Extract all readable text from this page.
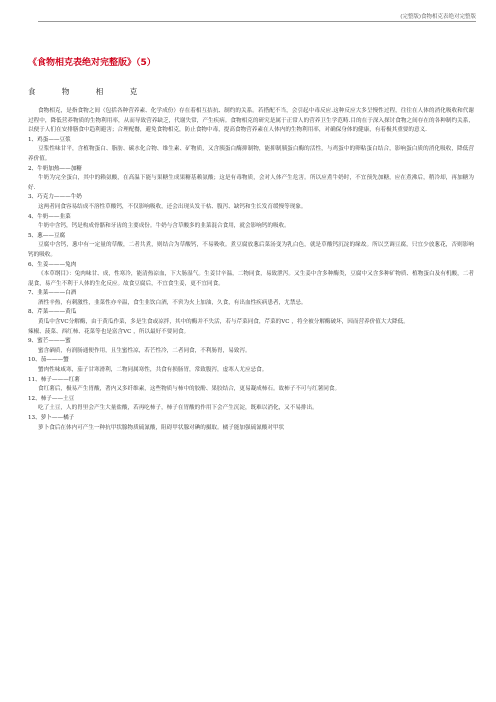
(完整版)食物相克表绝对完整版
《食物相克表绝对完整版》（5）
食 物 相 克

食物相克，是指食物之间（包括各种营养素、化学成份）存在着相互拮抗、制约的关系。若搭配不当，会引起中毒反应.这种反应大多呈慢性过程，往往在人体的消化吸收和代谢过程中，降低营养物质的生物利用率，从而导致营养缺乏，代谢失常，产生疾病。食物相克的研究是属于正常人的营养卫生学范畴.目的在于深入探讨食物之间存在的各种制约关系，以便于人们在安排膳食中趋利避害；合理配餐，避免食物相克，防止食物中毒，提高食物营养素在人体内的生物利用率，对确保身体的健康，有着极其重要的意义.

1、鸡蛋——豆浆

豆浆性味甘平，含植物蛋白、脂肪、碳水化合物、维生素、矿物质，又含胰蛋白酶抑制物，能抑制胰蛋白酶的活性，与鸡蛋中的卵粘蛋白结合，影响蛋白质的消化吸收，降低营养价值。

2、牛奶加热——加糖

牛奶为完全蛋白，其中的赖氨酸，在高温下能与果糖生成果糖基赖氨酸；这是有毒物质，会对人体产生危害。所以应煮牛奶时，不宜预先加糖，应在煮沸后，稍冷却，再加糖为好.

3、巧克力———牛奶

这两者同食容易结成不溶性草酸钙，不仅影响吸收，还会出现头发干枯、腹泻、缺钙和生长发育缓慢等现象。

4、牛奶——韭菜

牛奶中含钙，钙是构成骨骼和牙齿的主要成份。牛奶与含草酸多的韭菜混合食用，就会影响钙的吸收。

5、葱——豆腐

豆腐中含钙，葱中有一定量的草酸，二者共煮，则结合为草酸钙，不易吸收。煮豆腐放葱后菜汤变为乳白色，就是草酸钙沉淀的缘故。所以烹调豆腐，只宜少放葱花，否则影响钙的吸收。

6、生姜———兔肉

《本草纲目》：兔肉味甘、成，性寒冷，能清热凉血，下大肠湿气。生姜甘辛温，二物同食，易致泄泻。又生姜中含多种酶类，豆腐中又含多种矿物质、植物蛋白及有机酸，二者混食，易产生不利于人体的生化反应。故食豆腐后，不宜食生姜，更不宜同食。

7、韭菜———白酒

酒性辛热，有刺激性，韭菜性亦辛温，食生韭饮白酒，不啻为火上加油，久食，有出血性疾病患者，尤禁忌。

8、芹菜———黄瓜

黄瓜中含VC分解酶，由于黄瓜作菜，多是生食或凉拌，其中的酶并不失活，若与芹菜同食，芹菜的VC ，将全被分解酶破坏，因而营养价值大大降低。
辣椒、菠菜、西红柿、花菜等也是富含VC ，所以最好不要同食。

9、蜜芒———蜜

蜜含硒质，有润肠通便作用，且生蜜性凉，若芒性冷，二者同食，不利肠胃，易致泻。

10、茄———蟹

蟹肉性味咸寒，茄子甘寒滑利，二物同属寒性，共食有损肠胃，常致腹泻，虚寒人尤应忌食。

11、柿子———红薯

食红薯后，极易产生胃酸，著内又多纤维素，这些物质与柿中的胶酚、果胶结合，更易凝成柿石。故柿子不可与红薯同食。

12、柿子——土豆

吃了土豆，人的胃里会产生大量盐酸，若再吃柿子，柿子在胃酸的作用下会产生沉淀，既难以消化，又不易排出。

13、萝卜——橘子

萝卜食后在体内可产生一种抗甲状腺物质硫氰酸，阻碍甲状腺对碘的摄取。橘子能加强硫氰酸对甲状
